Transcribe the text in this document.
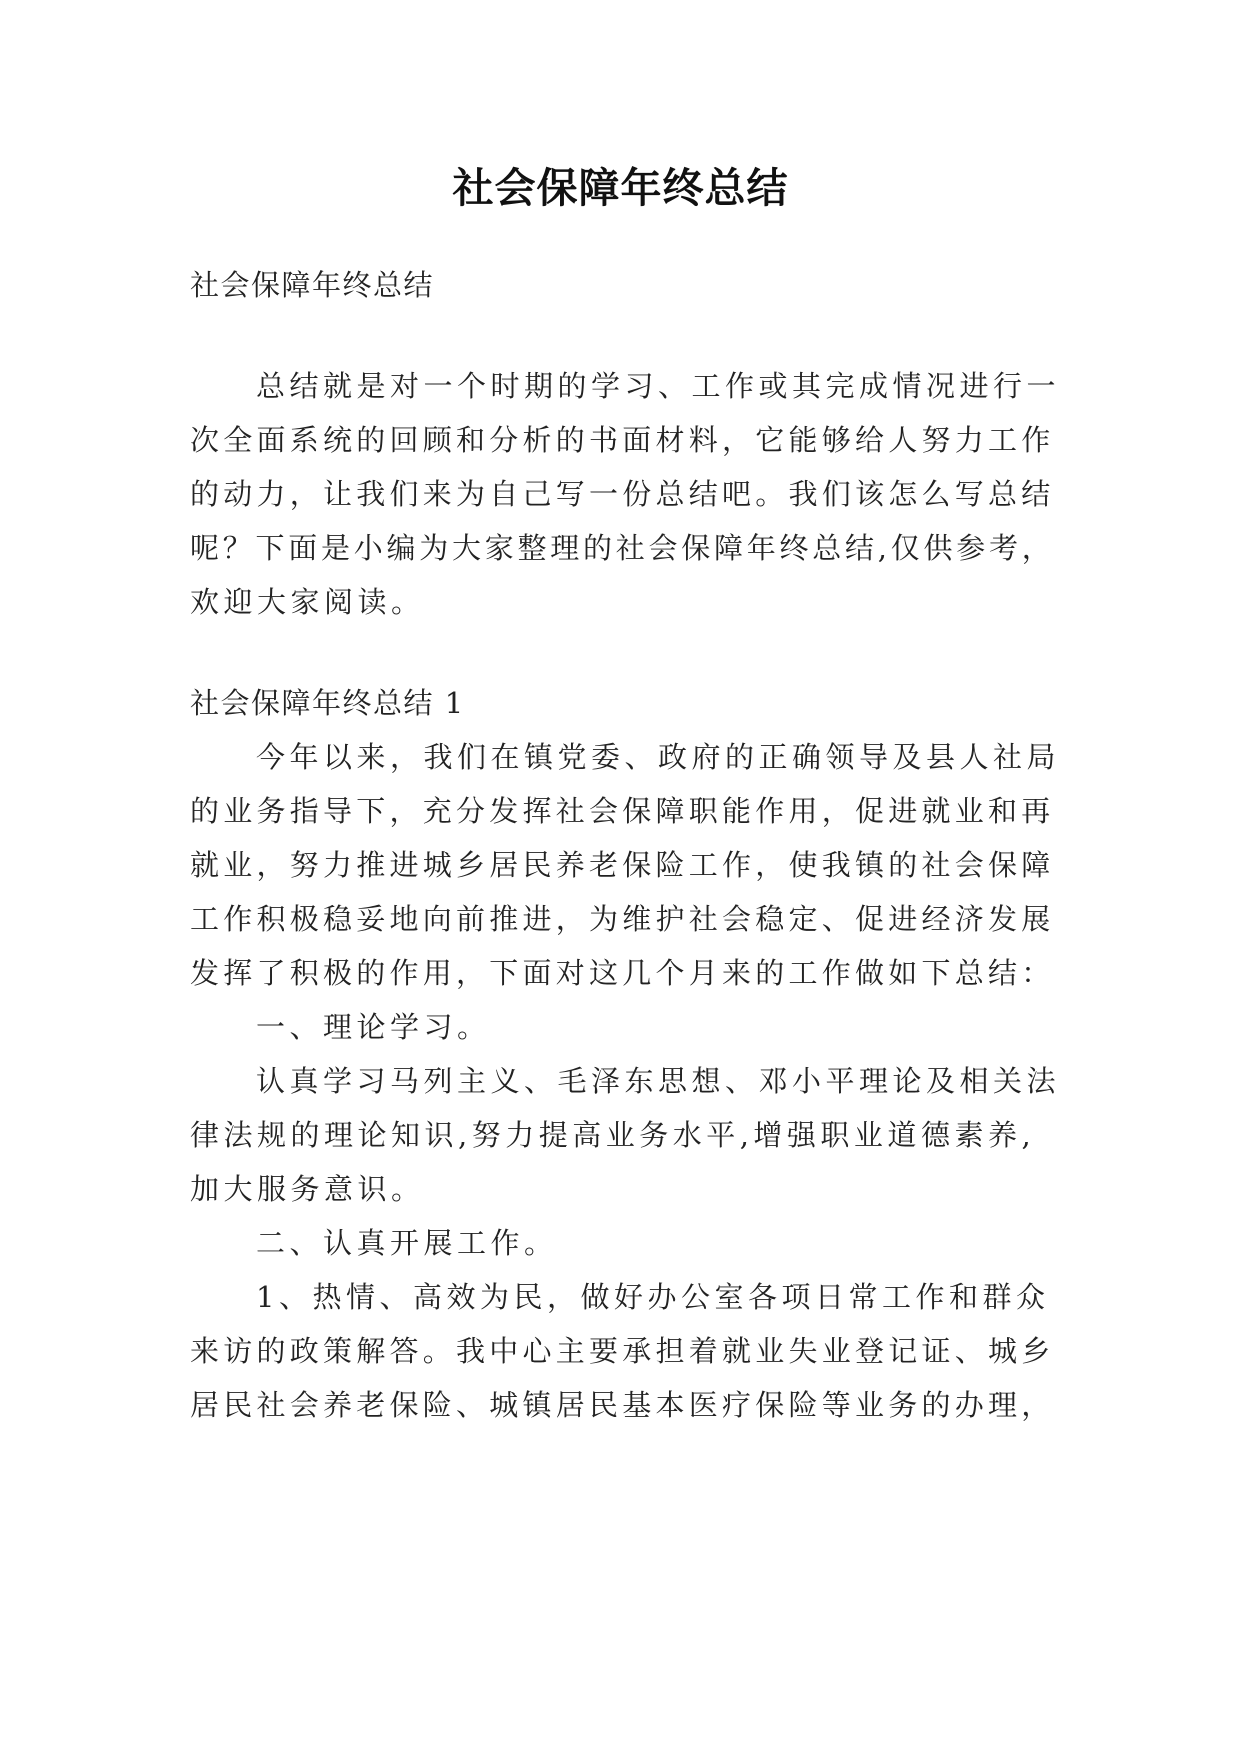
社会保障年终总结
社会保障年终总结
总结就是对一个时期的学习、工作或其完成情况进行一
次全面系统的回顾和分析的书面材料，它能够给人努力工作
的动力，让我们来为自己写一份总结吧。我们该怎么写总结
呢？下面是小编为大家整理的社会保障年终总结,仅供参考，
欢迎大家阅读。
社会保障年终总结 1
今年以来，我们在镇党委、政府的正确领导及县人社局
的业务指导下，充分发挥社会保障职能作用，促进就业和再
就业，努力推进城乡居民养老保险工作，使我镇的社会保障
工作积极稳妥地向前推进，为维护社会稳定、促进经济发展
发挥了积极的作用，下面对这几个月来的工作做如下总结：
一、理论学习。
认真学习马列主义、毛泽东思想、邓小平理论及相关法
律法规的理论知识,努力提高业务水平,增强职业道德素养,
加大服务意识。
二、认真开展工作。
1、热情、高效为民，做好办公室各项日常工作和群众
来访的政策解答。我中心主要承担着就业失业登记证、城乡
居民社会养老保险、城镇居民基本医疗保险等业务的办理，
